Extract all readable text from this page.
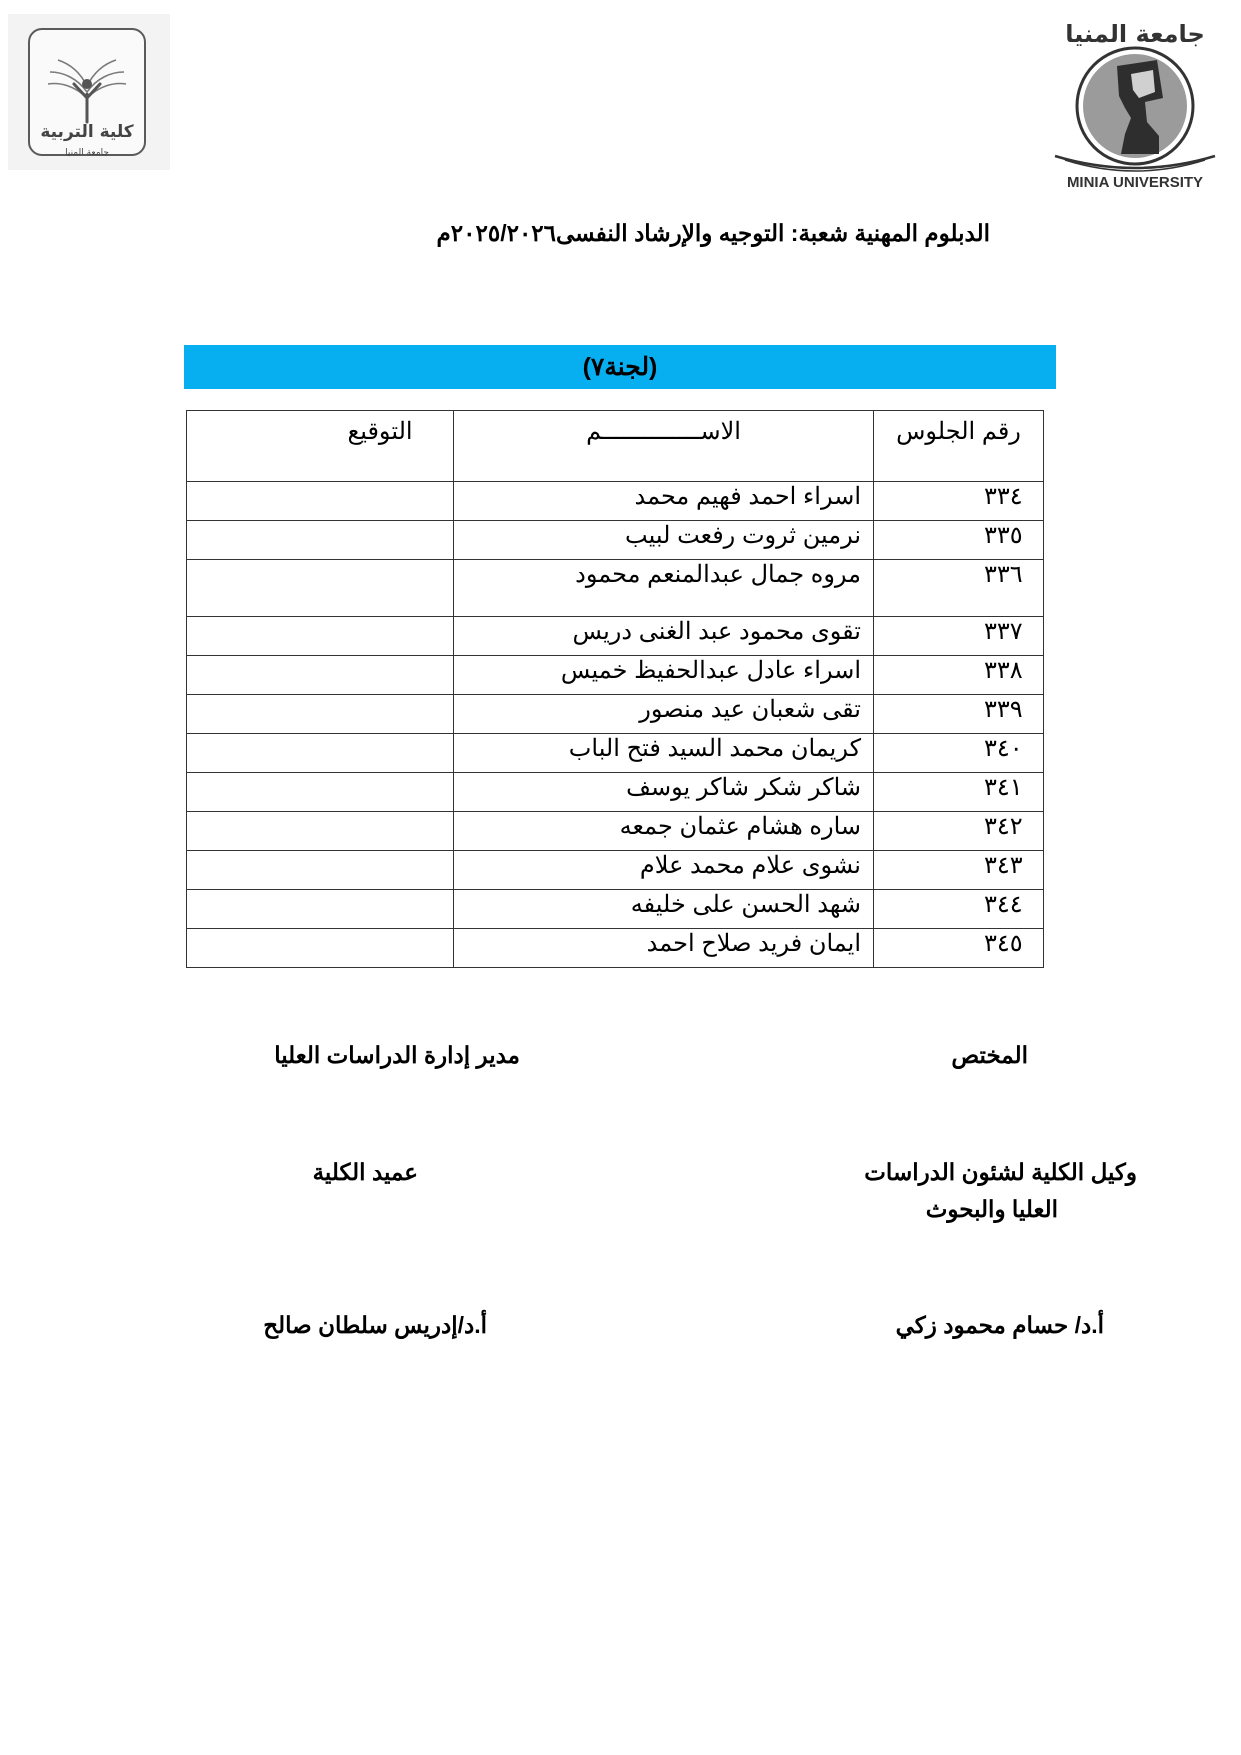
كلية التربية
جامعة المنيا
جامعة المنيا
MINIA UNIVERSITY
الدبلوم المهنية شعبة: التوجيه والإرشاد النفسى٢٠٢٥/٢٠٢٦م
(لجنة٧)
رقم الجلوس	الاســــــــــــــم	التوقيع
٣٣٤	اسراء احمد فهيم محمد	
٣٣٥	نرمين ثروت رفعت لبيب	
٣٣٦	مروه جمال عبدالمنعم محمود	
٣٣٧	تقوى محمود عبد الغنى دريس	
٣٣٨	اسراء عادل عبدالحفيظ خميس	
٣٣٩	تقى شعبان عيد منصور	
٣٤٠	كريمان محمد السيد فتح الباب	
٣٤١	شاكر شكر شاكر يوسف	
٣٤٢	ساره هشام عثمان جمعه	
٣٤٣	نشوى علام محمد علام	
٣٤٤	شهد الحسن على خليفه	
٣٤٥	ايمان فريد صلاح احمد	
المختص
مدير إدارة الدراسات العليا
وكيل الكلية لشئون الدراسات
العليا والبحوث
عميد الكلية
أ.د/ حسام محمود زكي
أ.د/إدريس سلطان صالح
